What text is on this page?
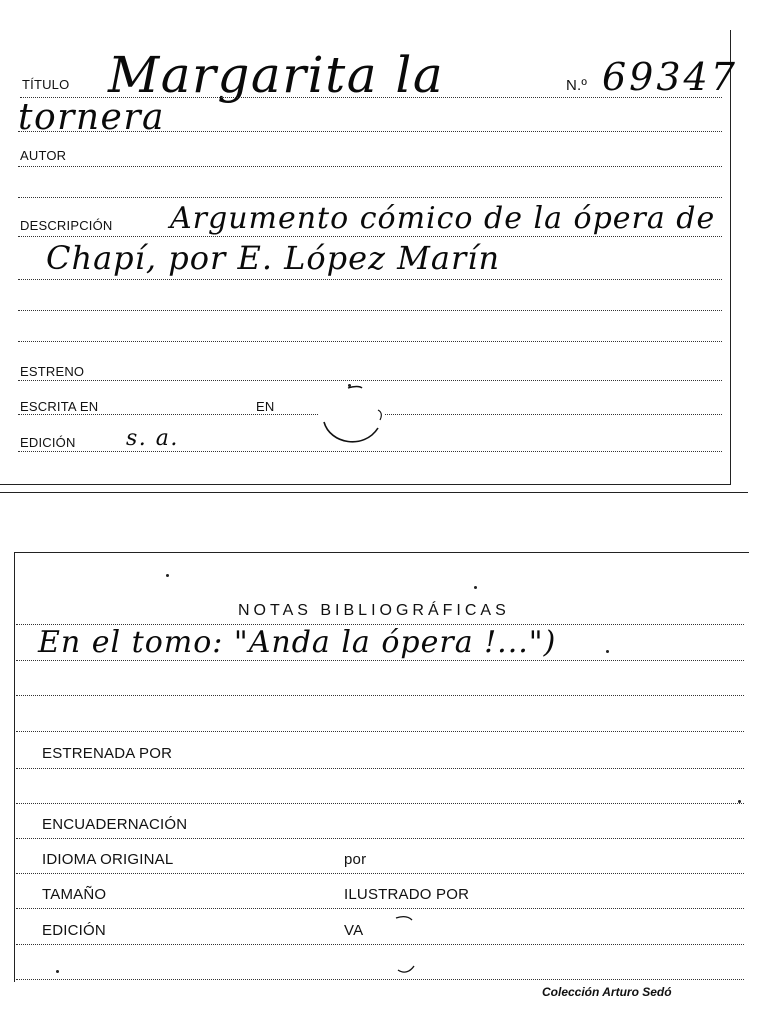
TÍTULO Margarita la	N.º 69347
tornera
AUTOR
DESCRIPCIÓN Argumento cómico de la ópera de
Chapí, por E. López Marín
ESTRENO
ESCRITA EN	EN
EDICIÓN s. a.
NOTAS BIBLIOGRÁFICAS
En el tomo: "Anda la ópera !...")
ESTRENADA POR
ENCUADERNACIÓN
IDIOMA ORIGINAL	por
TAMAÑO	ILUSTRADO POR
EDICIÓN	VA
Colección Arturo Sedó
